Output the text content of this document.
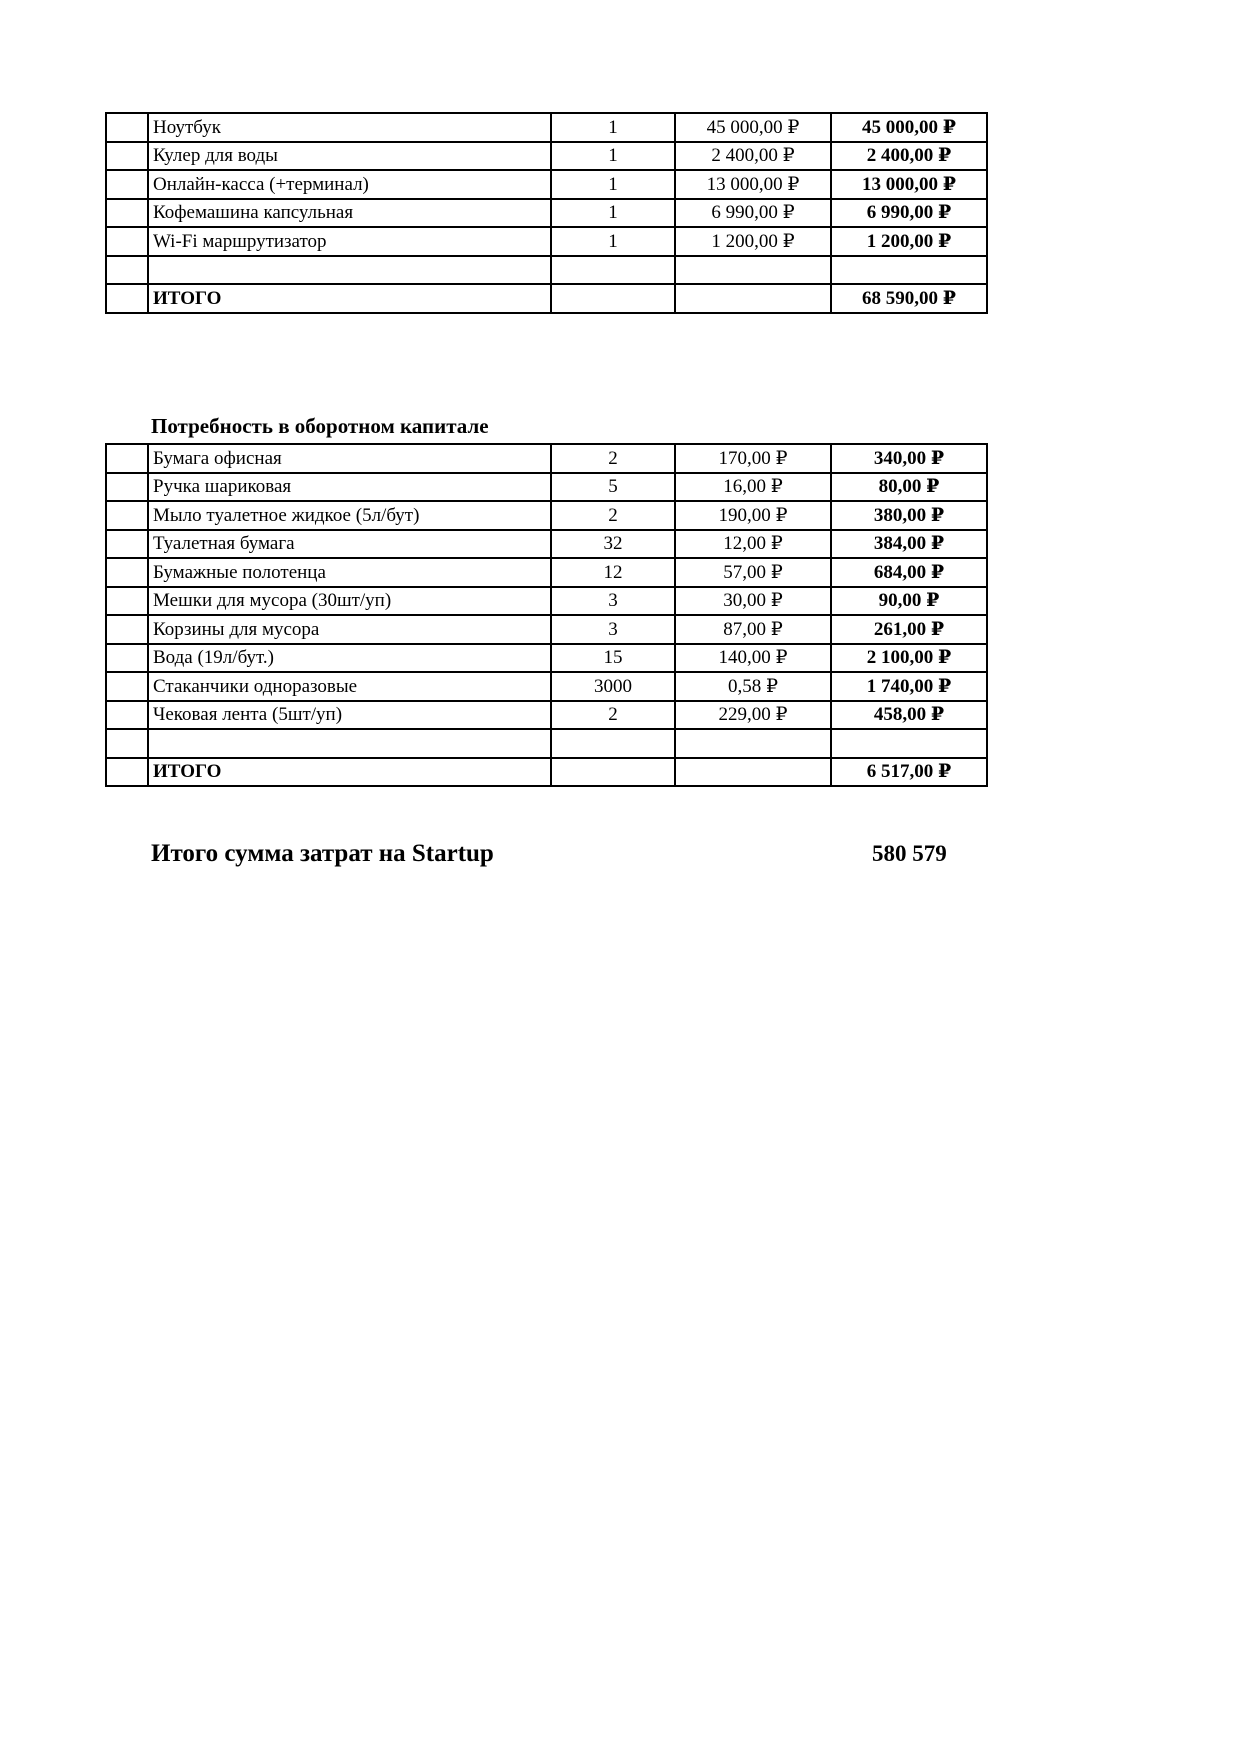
	Ноутбук	1	45 000,00 ₽	45 000,00 ₽
	Кулер для воды	1	2 400,00 ₽	2 400,00 ₽
	Онлайн-касса (+терминал)	1	13 000,00 ₽	13 000,00 ₽
	Кофемашина капсульная	1	6 990,00 ₽	6 990,00 ₽
	Wi-Fi маршрутизатор	1	1 200,00 ₽	1 200,00 ₽

	ИТОГО			68 590,00 ₽
Потребность в оборотном капитале
	Бумага офисная	2	170,00 ₽	340,00 ₽
	Ручка шариковая	5	16,00 ₽	80,00 ₽
	Мыло туалетное жидкое (5л/бут)	2	190,00 ₽	380,00 ₽
	Туалетная бумага	32	12,00 ₽	384,00 ₽
	Бумажные полотенца	12	57,00 ₽	684,00 ₽
	Мешки для мусора (30шт/уп)	3	30,00 ₽	90,00 ₽
	Корзины для мусора	3	87,00 ₽	261,00 ₽
	Вода (19л/бут.)	15	140,00 ₽	2 100,00 ₽
	Стаканчики одноразовые	3000	0,58 ₽	1 740,00 ₽
	Чековая лента (5шт/уп)	2	229,00 ₽	458,00 ₽

	ИТОГО			6 517,00 ₽
Итого сумма затрат на Startup	580 579
